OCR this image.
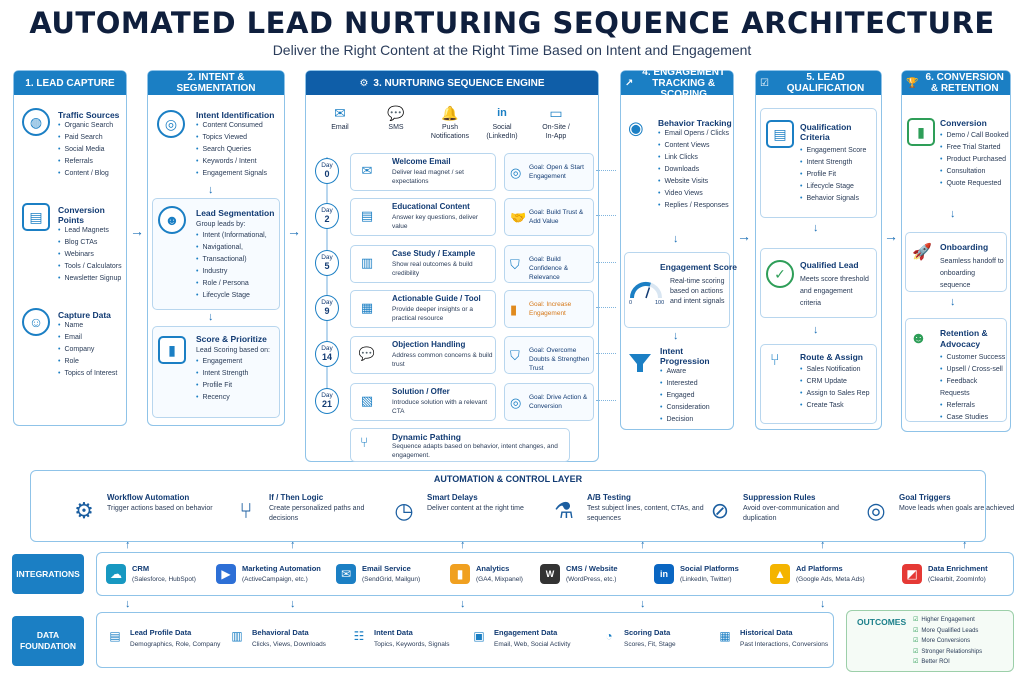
AUTOMATED LEAD NURTURING SEQUENCE ARCHITECTURE
Deliver the Right Content at the Right Time Based on Intent and Engagement
1. LEAD CAPTURE
◍	Traffic Sources
• Organic Search
• Paid Search
• Social Media
• Referrals
• Content / Blog
▤	Conversion Points
• Lead Magnets
• Blog CTAs
• Webinars
• Tools / Calculators
• Newsletter Signup
☺	Capture Data
• Name
• Email
• Company
• Role
• Topics of Interest
→
2. INTENT & SEGMENTATION
◎
Intent Identification
• Content Consumed
• Topics Viewed
• Search Queries
• Keywords / Intent
• Engagement Signals
↓
☻	Lead Segmentation
Group leads by:
• Intent (Informational,
• Navigational,
• Transactional)
• Industry
• Role / Persona
• Lifecycle Stage
↓
▮
Score & Prioritize
Lead Scoring based on:
• Engagement
• Intent Strength
• Profile Fit
• Recency
→
⚙ 3. NURTURING SEQUENCE ENGINE
⑂	Dynamic Pathing
Sequence adapts based on behavior, intent changes, and engagement.
↗
4. ENGAGEMENT TRACKING & SCORING
◉ Behavior Tracking
• Email Opens / Clicks
• Content Views
• Link Clicks
• Downloads
• Website Visits
• Video Views
• Replies / Responses
↓
Engagement Score
0	100
Real-time scoring based on actions and intent signals
↓
Intent Progression
• Aware
• Interested
• Engaged
• Consideration
• Decision
→
☑	5. LEAD QUALIFICATION
▤	Qualification Criteria
• Engagement Score
• Intent Strength
• Profile Fit
• Lifecycle Stage
• Behavior Signals
↓
✓
Qualified Lead
Meets score threshold and engagement criteria
↓
⑂ Route & Assign
• Sales Notification
• CRM Update
• Assign to Sales Rep
• Create Task
→
🏆 6. CONVERSION & RETENTION
▮
Conversion
• Demo / Call Booked
• Free Trial Started
• Product Purchased
• Consultation
• Quote Requested
↓
🚀 Onboarding
Seamless handoff to onboarding sequence
↓
☻ Retention & Advocacy
• Customer Success
• Upsell / Cross-sell
• Feedback Requests
• Referrals
• Case Studies
AUTOMATION & CONTROL LAYER
⚙
Workflow Automation
Trigger actions based on behavior	⑂
If / Then Logic
Create personalized paths and decisions	◷
Smart Delays
Deliver content at the right time	⚗
A/B Testing
Test subject lines, content, CTAs, and sequences	⊘
Suppression Rules
Avoid over-communication and duplication	◎
Goal Triggers
Move leads when goals are achieved
↑	↑	↑	↑	↑	↑
↓	↓	↓	↓	↓
INTEGRATIONS	☁	CRM
(Salesforce, HubSpot)	▶	Marketing Automation
(ActiveCampaign, etc.)	✉	Email Service
(SendGrid, Mailgun)	▮	Analytics
(GA4, Mixpanel)
W
CMS / Website
(WordPress, etc.)
in
Social Platforms
(LinkedIn, Twitter)	▲	Ad Platforms
(Google Ads, Meta Ads)	◩	Data Enrichment
(Clearbit, ZoomInfo)
DATA FOUNDATION
▤	Lead Profile Data
Demographics, Role, Company
▥	Behavioral Data
Clicks, Views, Downloads
☷	Intent Data
Topics, Keywords, Signals
▣	Engagement Data
Email, Web, Social Activity
◔	Scoring Data
Scores, Fit, Stage
▦	Historical Data
Past Interactions, Conversions
OUTCOMES
☑	Higher Engagement
☑ More Qualified Leads
☑ More Conversions
☑ Stronger Relationships
☑ Better ROI
✉
Email
💬
SMS
🔔
Push
Notifications
in
Social
(LinkedIn)
▭
On-Site /
In-App
Day
0	✉
Welcome Email
Deliver lead magnet / set expectations
◎ Goal: Open & Start Engagement
Day
2	▤
Educational Content
Answer key questions, deliver value
🤝 Goal: Build Trust & Add Value
Day
5	▥
Case Study / Example
Show real outcomes & build credibility
⛉ Goal: Build Confidence & Relevance
Day
9	▦
Actionable Guide / Tool
Provide deeper insights or a practical resource
▮ Goal: Increase Engagement
Day
14	💬
Objection Handling
Address common concerns & build trust
⛉ Goal: Overcome Doubts & Strengthen Trust
Day
21	▧
Solution / Offer
Introduce solution with a relevant CTA
◎ Goal: Drive Action & Conversion
